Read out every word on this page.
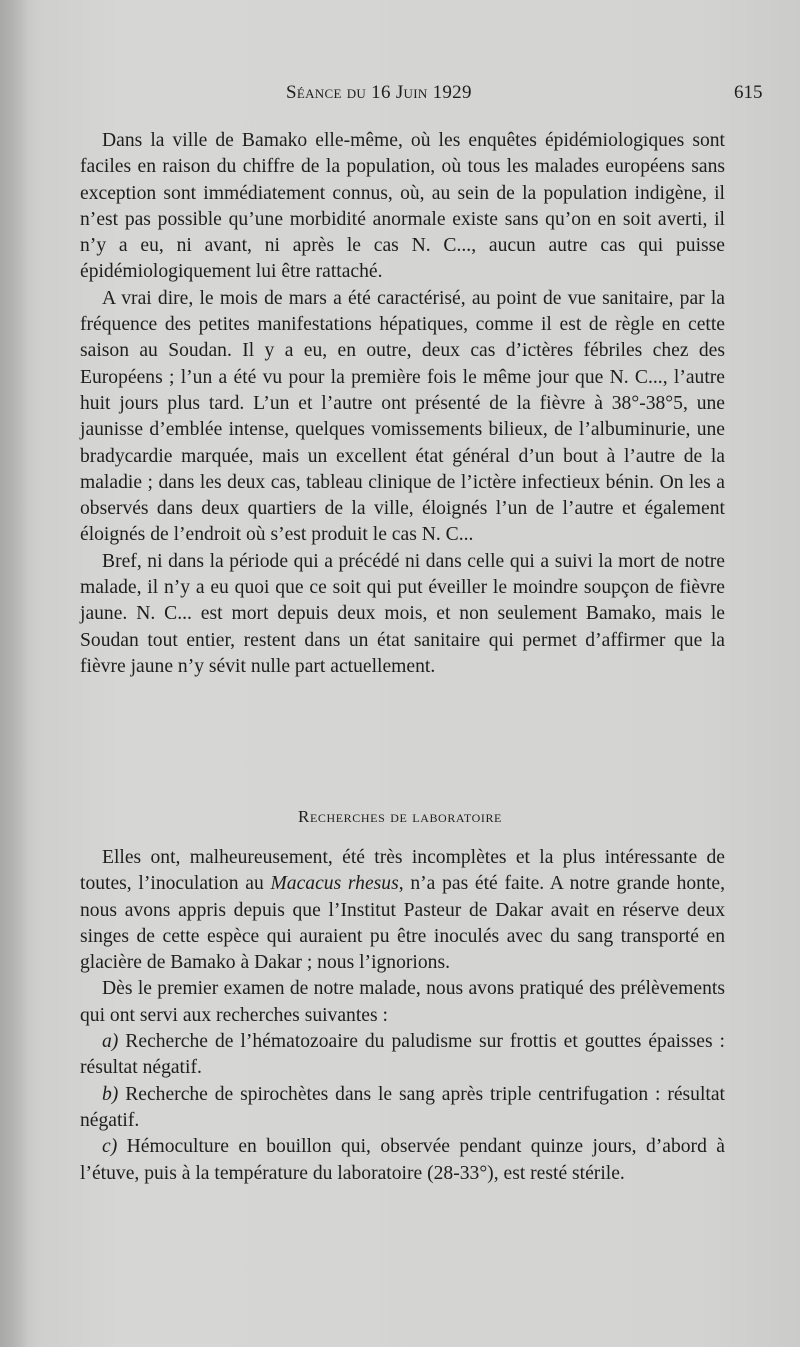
Séance du 16 Juin 1929	615

Dans la ville de Bamako elle-même, où les enquêtes épidémiologiques sont faciles en raison du chiffre de la population, où tous les malades européens sans exception sont immédiatement connus, où, au sein de la population indigène, il n’est pas possible qu’une morbidité anormale existe sans qu’on en soit averti, il n’y a eu, ni avant, ni après le cas N. C..., aucun autre cas qui puisse épidémiologiquement lui être rattaché.

A vrai dire, le mois de mars a été caractérisé, au point de vue sanitaire, par la fréquence des petites manifestations hépatiques, comme il est de règle en cette saison au Soudan. Il y a eu, en outre, deux cas d’ictères fébriles chez des Européens ; l’un a été vu pour la première fois le même jour que N. C..., l’autre huit jours plus tard. L’un et l’autre ont présenté de la fièvre à 38°-38°5, une jaunisse d’emblée intense, quelques vomissements bilieux, de l’albuminurie, une bradycardie marquée, mais un excellent état général d’un bout à l’autre de la maladie ; dans les deux cas, tableau clinique de l’ictère infectieux bénin. On les a observés dans deux quartiers de la ville, éloignés l’un de l’autre et également éloignés de l’endroit où s’est produit le cas N. C...

Bref, ni dans la période qui a précédé ni dans celle qui a suivi la mort de notre malade, il n’y a eu quoi que ce soit qui put éveiller le moindre soupçon de fièvre jaune. N. C... est mort depuis deux mois, et non seulement Bamako, mais le Soudan tout entier, restent dans un état sanitaire qui permet d’affirmer que la fièvre jaune n’y sévit nulle part actuellement.

Recherches de laboratoire

Elles ont, malheureusement, été très incomplètes et la plus intéressante de toutes, l’inoculation au Macacus rhesus, n’a pas été faite. A notre grande honte, nous avons appris depuis que l’Institut Pasteur de Dakar avait en réserve deux singes de cette espèce qui auraient pu être inoculés avec du sang transporté en glacière de Bamako à Dakar ; nous l’ignorions.

Dès le premier examen de notre malade, nous avons pratiqué des prélèvements qui ont servi aux recherches suivantes :

a) Recherche de l’hématozoaire du paludisme sur frottis et gouttes épaisses : résultat négatif.

b) Recherche de spirochètes dans le sang après triple centrifugation : résultat négatif.

c) Hémoculture en bouillon qui, observée pendant quinze jours, d’abord à l’étuve, puis à la température du laboratoire (28-33°), est resté stérile.
